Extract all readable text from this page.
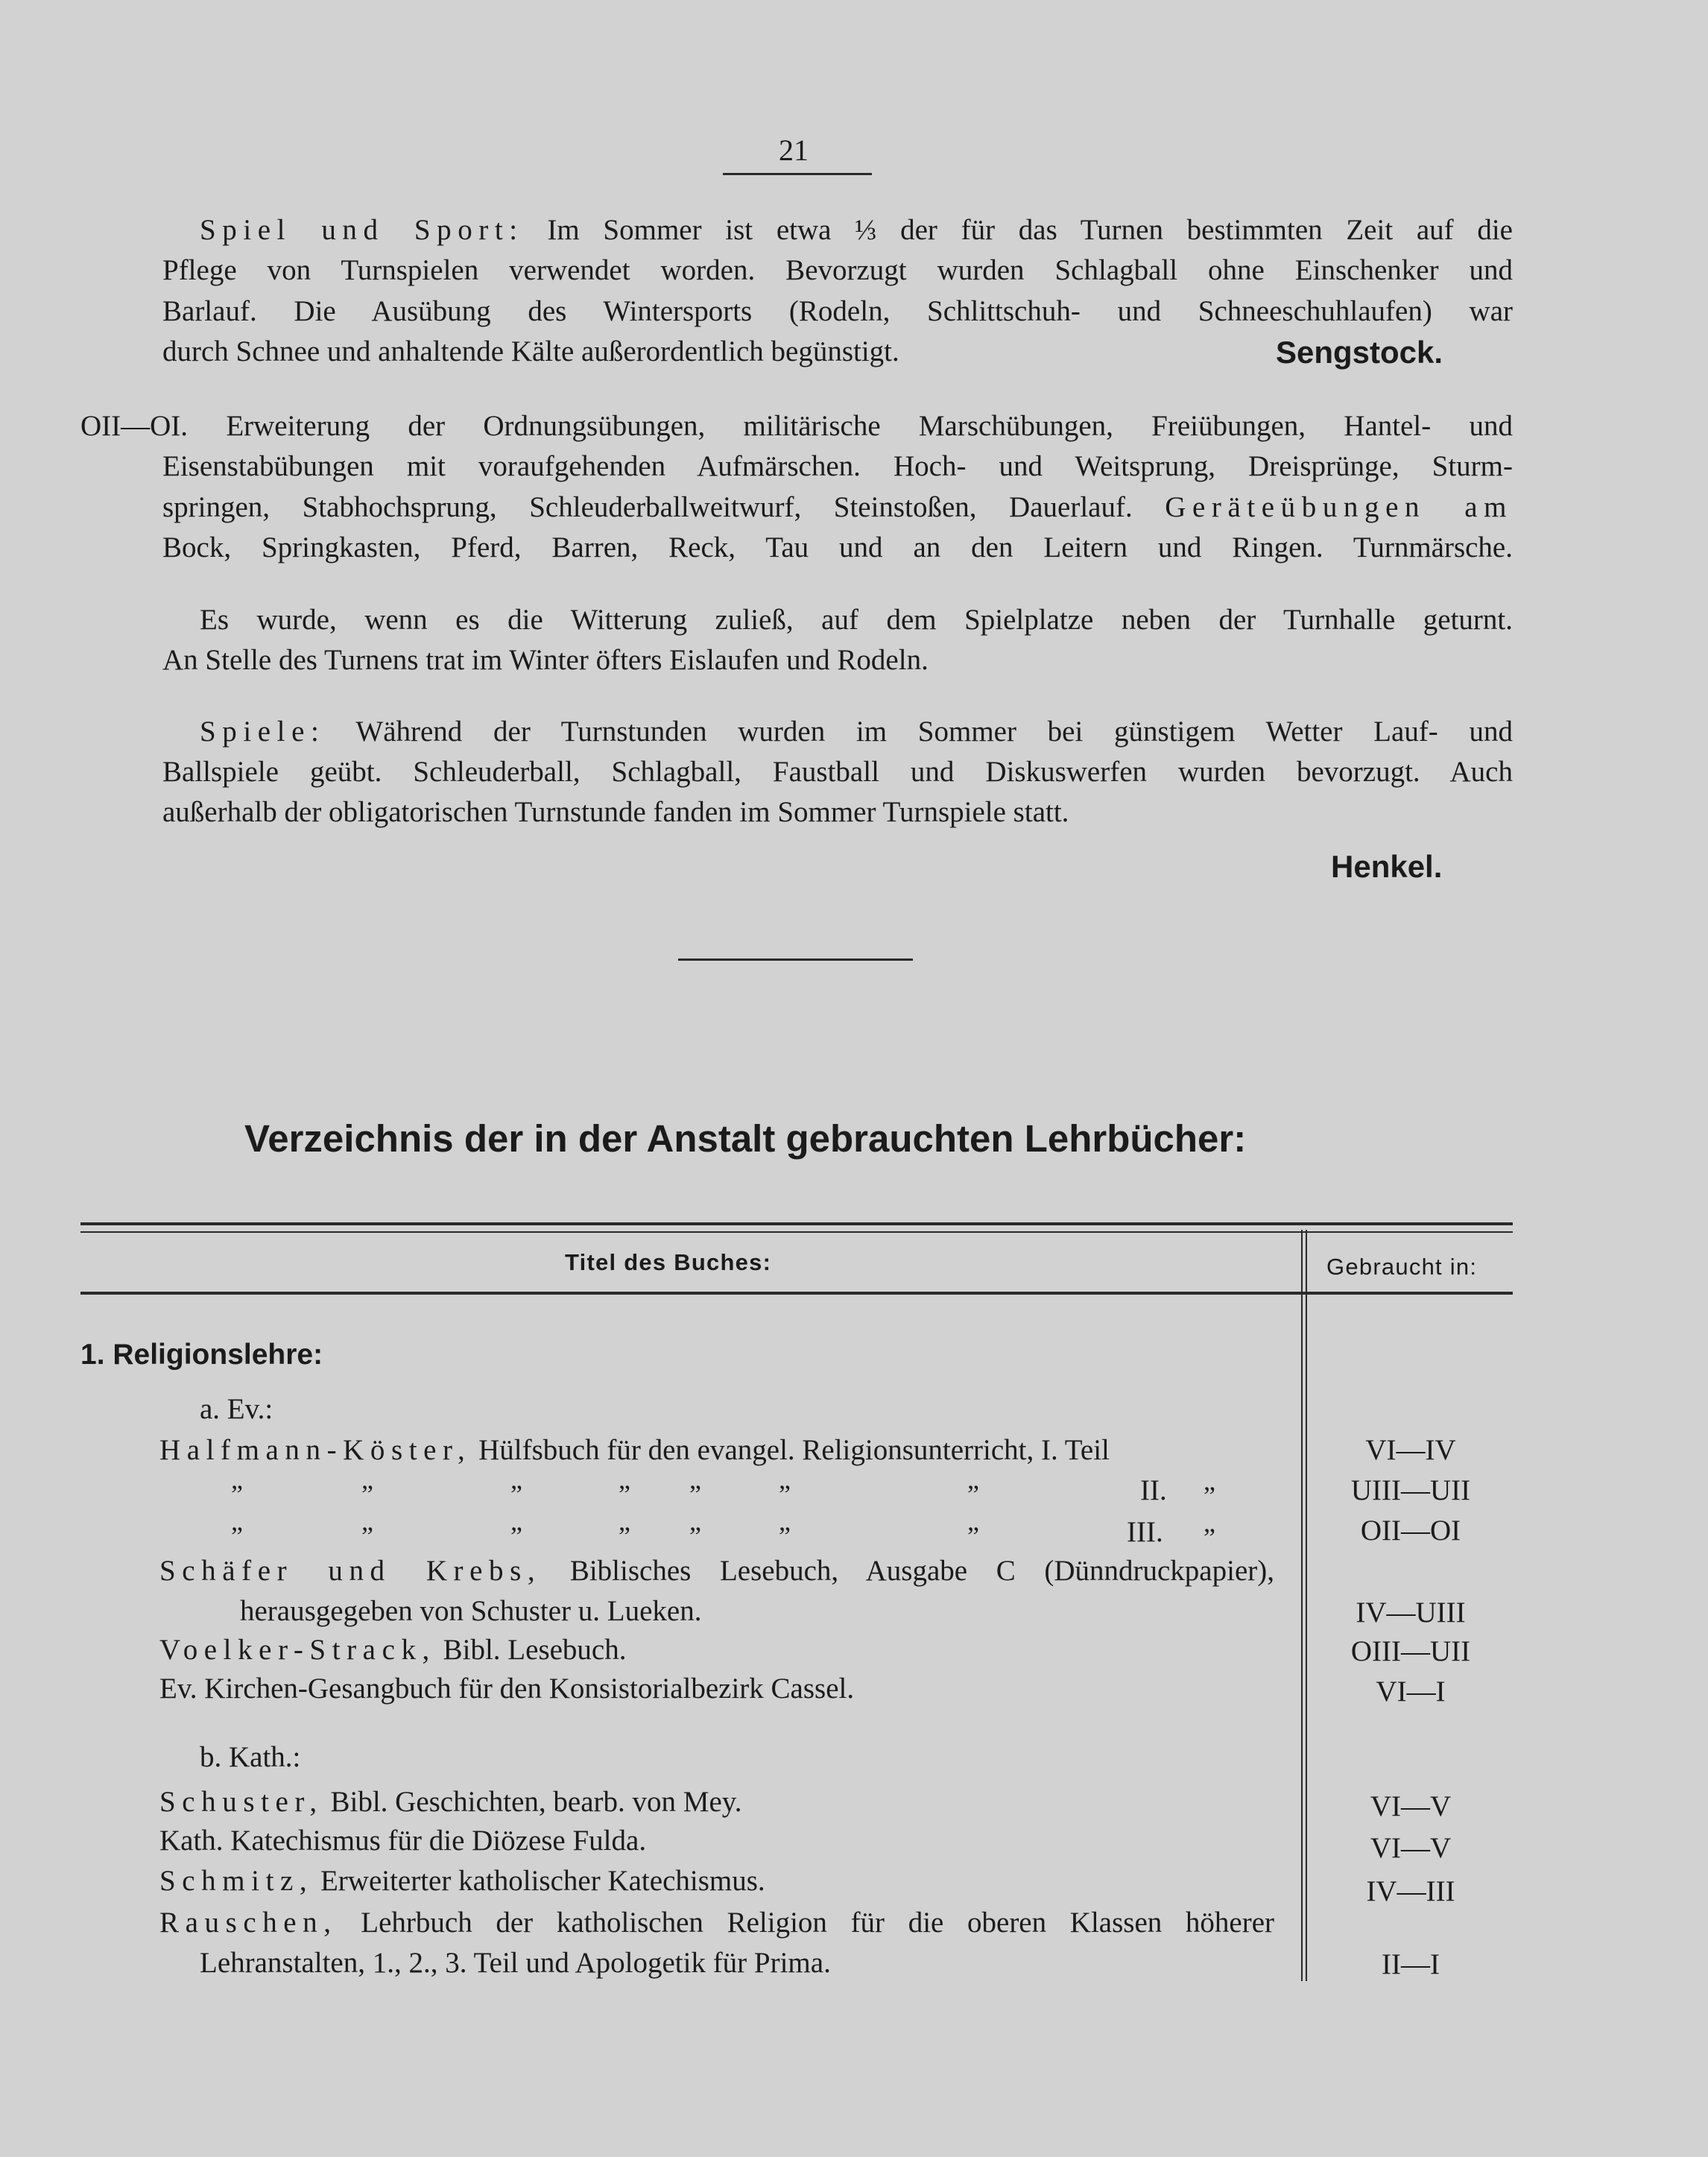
21
Spiel und Sport: Im Sommer ist etwa ⅓ der für das Turnen bestimmten Zeit auf die
Pflege von Turnspielen verwendet worden. Bevorzugt wurden Schlagball ohne Einschenker und
Barlauf. Die Ausübung des Wintersports (Rodeln, Schlittschuh- und Schneeschuhlaufen) war
durch Schnee und anhaltende Kälte außerordentlich begünstigt.	Sengstock.
OII—OI. Erweiterung der Ordnungsübungen, militärische Marschübungen, Freiübungen, Hantel- und
Eisenstabübungen mit voraufgehenden Aufmärschen. Hoch- und Weitsprung, Dreisprünge, Sturm-
springen, Stabhochsprung, Schleuderballweitwurf, Steinstoßen, Dauerlauf. Geräteübungen am
Bock, Springkasten, Pferd, Barren, Reck, Tau und an den Leitern und Ringen. Turnmärsche.
Es wurde, wenn es die Witterung zuließ, auf dem Spielplatze neben der Turnhalle geturnt.
An Stelle des Turnens trat im Winter öfters Eislaufen und Rodeln.
Spiele: Während der Turnstunden wurden im Sommer bei günstigem Wetter Lauf- und
Ballspiele geübt. Schleuderball, Schlagball, Faustball und Diskuswerfen wurden bevorzugt. Auch
außerhalb der obligatorischen Turnstunde fanden im Sommer Turnspiele statt.
Henkel.
Verzeichnis der in der Anstalt gebrauchten Lehrbücher:
Titel des Buches:	Gebraucht in:
1. Religionslehre:
a. Ev.:
Halfmann-Köster, Hülfsbuch für den evangel. Religionsunterricht, I. Teil	VI—IV
”	”	”	” ”	”	”	II. ”	UIII—UII
”	”	”	” ”	”	”	III. ”	OII—OI
Schäfer und Krebs, Biblisches Lesebuch, Ausgabe C (Dünndruckpapier),
herausgegeben von Schuster u. Lueken.	IV—UIII
Voelker-Strack, Bibl. Lesebuch.	OIII—UII
Ev. Kirchen-Gesangbuch für den Konsistorialbezirk Cassel.	VI—I
b. Kath.:
Schuster, Bibl. Geschichten, bearb. von Mey.	VI—V
Kath. Katechismus für die Diözese Fulda.	VI—V
Schmitz, Erweiterter katholischer Katechismus.	IV—III
Rauschen, Lehrbuch der katholischen Religion für die oberen Klassen höherer
Lehranstalten, 1., 2., 3. Teil und Apologetik für Prima.	II—I
